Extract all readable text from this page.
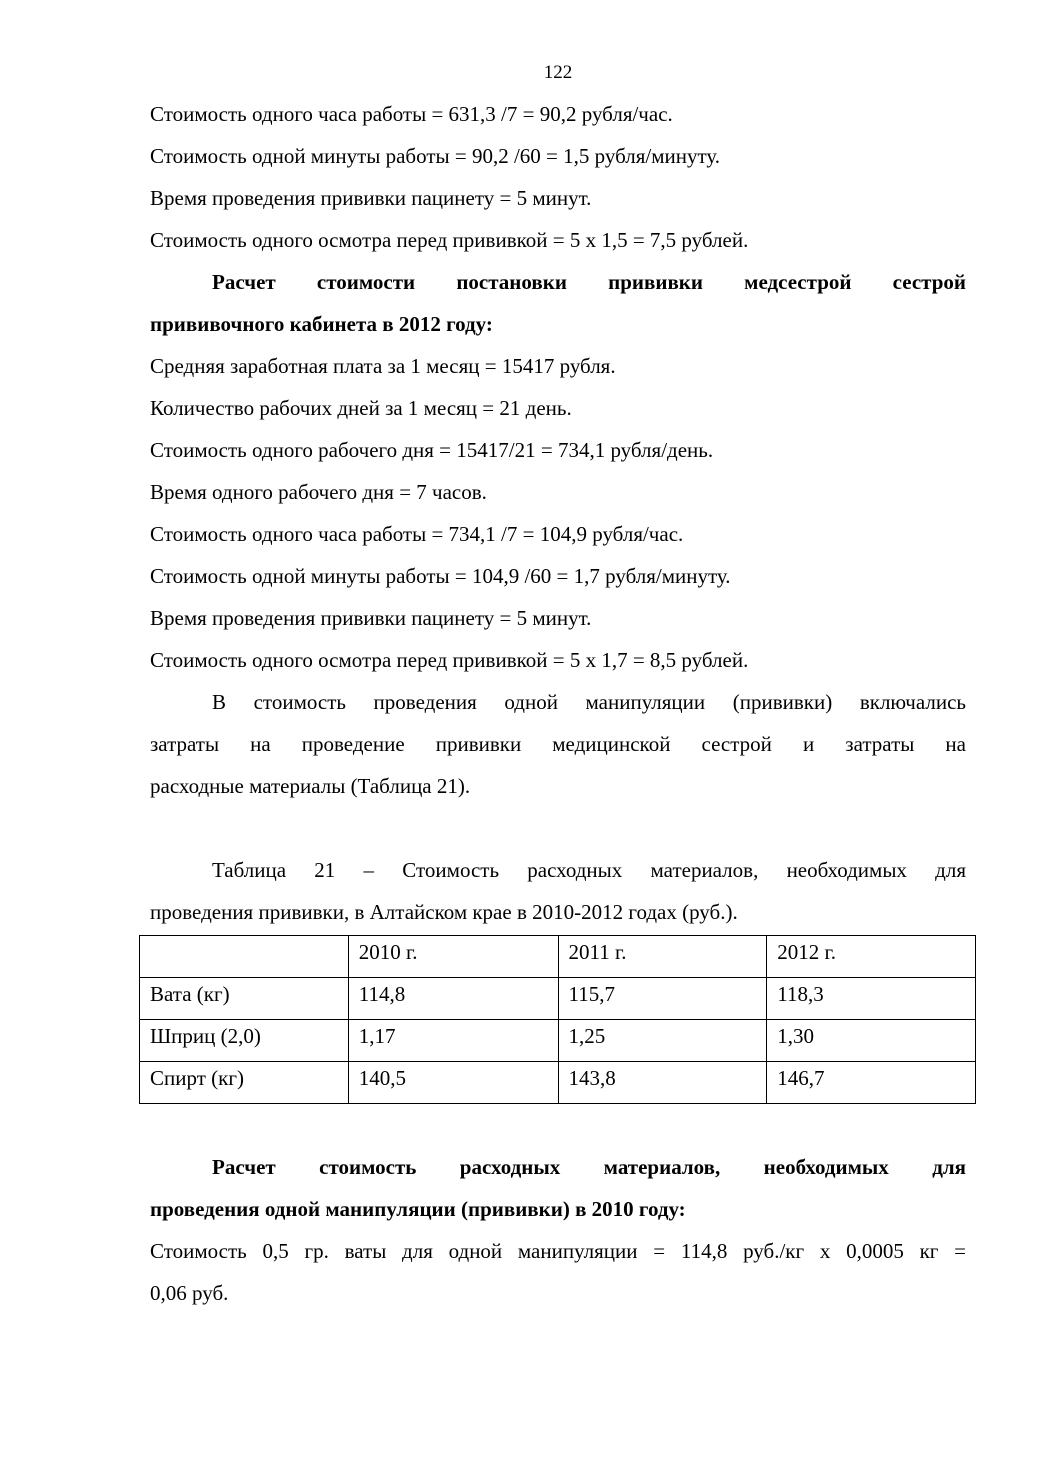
122

Стоимость одного часа работы = 631,3 /7 = 90,2 рубля/час.

Стоимость одной минуты работы = 90,2 /60 = 1,5 рубля/минуту.

Время проведения прививки пацинету = 5 минут.

Стоимость одного осмотра перед прививкой = 5 х 1,5 = 7,5 рублей.

Расчет стоимости постановки прививки медсестрой сестрой

прививочного кабинета в 2012 году:

Средняя заработная плата за 1 месяц = 15417 рубля.

Количество рабочих дней за 1 месяц = 21 день.

Стоимость одного рабочего дня = 15417/21 = 734,1 рубля/день.

Время одного рабочего дня = 7 часов.

Стоимость одного часа работы = 734,1 /7 = 104,9 рубля/час.

Стоимость одной минуты работы = 104,9 /60 = 1,7 рубля/минуту.

Время проведения прививки пацинету = 5 минут.

Стоимость одного осмотра перед прививкой = 5 х 1,7 = 8,5 рублей.

В стоимость проведения одной манипуляции (прививки) включались

затраты на проведение прививки медицинской сестрой и затраты на

расходные материалы (Таблица 21).

Таблица 21 – Стоимость расходных материалов, необходимых для

проведения прививки, в Алтайском крае в 2010-2012 годах (руб.).

	2010 г.	2011 г.	2012 г.
Вата (кг)	114,8	115,7	118,3
Шприц (2,0)	1,17	1,25	1,30
Спирт (кг)	140,5	143,8	146,7

Расчет стоимость расходных материалов, необходимых для

проведения одной манипуляции (прививки) в 2010 году:

Стоимость 0,5 гр. ваты для одной манипуляции = 114,8 руб./кг х 0,0005 кг =

0,06 руб.
